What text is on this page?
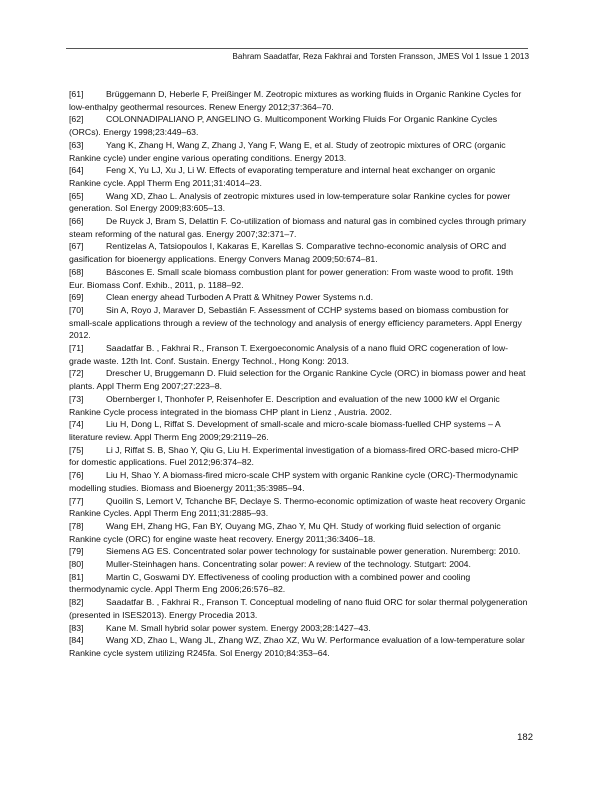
Bahram Saadatfar, Reza Fakhrai and Torsten Fransson, JMES Vol 1 Issue 1 2013

[61]	Brüggemann D, Heberle F, Preißinger M. Zeotropic mixtures as working fluids in Organic Rankine Cycles for low-enthalpy geothermal resources. Renew Energy 2012;37:364–70.

[62]	COLONNADIPALIANO P, ANGELINO G. Multicomponent Working Fluids For Organic Rankine Cycles (ORCs). Energy 1998;23:449–63.

[63]	Yang K, Zhang H, Wang Z, Zhang J, Yang F, Wang E, et al. Study of zeotropic mixtures of ORC (organic Rankine cycle) under engine various operating conditions. Energy 2013.

[64]	Feng X, Yu LJ, Xu J, Li W. Effects of evaporating temperature and internal heat exchanger on organic Rankine cycle. Appl Therm Eng 2011;31:4014–23.

[65]	Wang XD, Zhao L. Analysis of zeotropic mixtures used in low-temperature solar Rankine cycles for power generation. Sol Energy 2009;83:605–13.

[66]	De Ruyck J, Bram S, Delattin F. Co-utilization of biomass and natural gas in combined cycles through primary steam reforming of the natural gas. Energy 2007;32:371–7.

[67]	Rentizelas A, Tatsiopoulos I, Kakaras E, Karellas S. Comparative techno-economic analysis of ORC and gasification for bioenergy applications. Energy Convers Manag 2009;50:674–81.

[68]	Báscones E. Small scale biomass combustion plant for power generation: From waste wood to profit. 19th Eur. Biomass Conf. Exhib., 2011, p. 1188–92.

[69]	Clean energy ahead Turboden A Pratt & Whitney Power Systems n.d.

[70]	Sin A, Royo J, Maraver D, Sebastián F. Assessment of CCHP systems based on biomass combustion for small-scale applications through a review of the technology and analysis of energy efficiency parameters. Appl Energy 2012.

[71]	Saadatfar B. , Fakhrai R., Franson T. Exergoeconomic Analysis of a nano fluid ORC cogeneration of low-grade waste. 12th Int. Conf. Sustain. Energy Technol., Hong Kong: 2013.

[72]	Drescher U, Bruggemann D. Fluid selection for the Organic Rankine Cycle (ORC) in biomass power and heat plants. Appl Therm Eng 2007;27:223–8.

[73]	Obernberger I, Thonhofer P, Reisenhofer E. Description and evaluation of the new 1000 kW el Organic Rankine Cycle process integrated in the biomass CHP plant in Lienz , Austria. 2002.

[74]	Liu H, Dong L, Riffat S. Development of small-scale and micro-scale biomass-fuelled CHP systems – A literature review. Appl Therm Eng 2009;29:2119–26.

[75]	Li J, Riffat S. B, Shao Y, Qiu G, Liu H. Experimental investigation of a biomass-fired ORC-based micro-CHP for domestic applications. Fuel 2012;96:374–82.

[76]	Liu H, Shao Y. A biomass-fired micro-scale CHP system with organic Rankine cycle (ORC)-Thermodynamic modelling studies. Biomass and Bioenergy 2011;35:3985–94.

[77]	Quoilin S, Lemort V, Tchanche BF, Declaye S. Thermo-economic optimization of waste heat recovery Organic Rankine Cycles. Appl Therm Eng 2011;31:2885–93.

[78]	Wang EH, Zhang HG, Fan BY, Ouyang MG, Zhao Y, Mu QH. Study of working fluid selection of organic Rankine cycle (ORC) for engine waste heat recovery. Energy 2011;36:3406–18.

[79]	Siemens AG ES. Concentrated solar power technology for sustainable power generation. Nuremberg: 2010.

[80]	Muller-Steinhagen hans. Concentrating solar power: A review of the technology. Stutgart: 2004.

[81]	Martin C, Goswami DY. Effectiveness of cooling production with a combined power and cooling thermodynamic cycle. Appl Therm Eng 2006;26:576–82.

[82]	Saadatfar B. , Fakhrai R., Franson T. Conceptual modeling of nano fluid ORC for solar thermal polygeneration (presented in ISES2013). Energy Procedia 2013.

[83]	Kane M. Small hybrid solar power system. Energy 2003;28:1427–43.

[84]	Wang XD, Zhao L, Wang JL, Zhang WZ, Zhao XZ, Wu W. Performance evaluation of a low-temperature solar Rankine cycle system utilizing R245fa. Sol Energy 2010;84:353–64.

182
